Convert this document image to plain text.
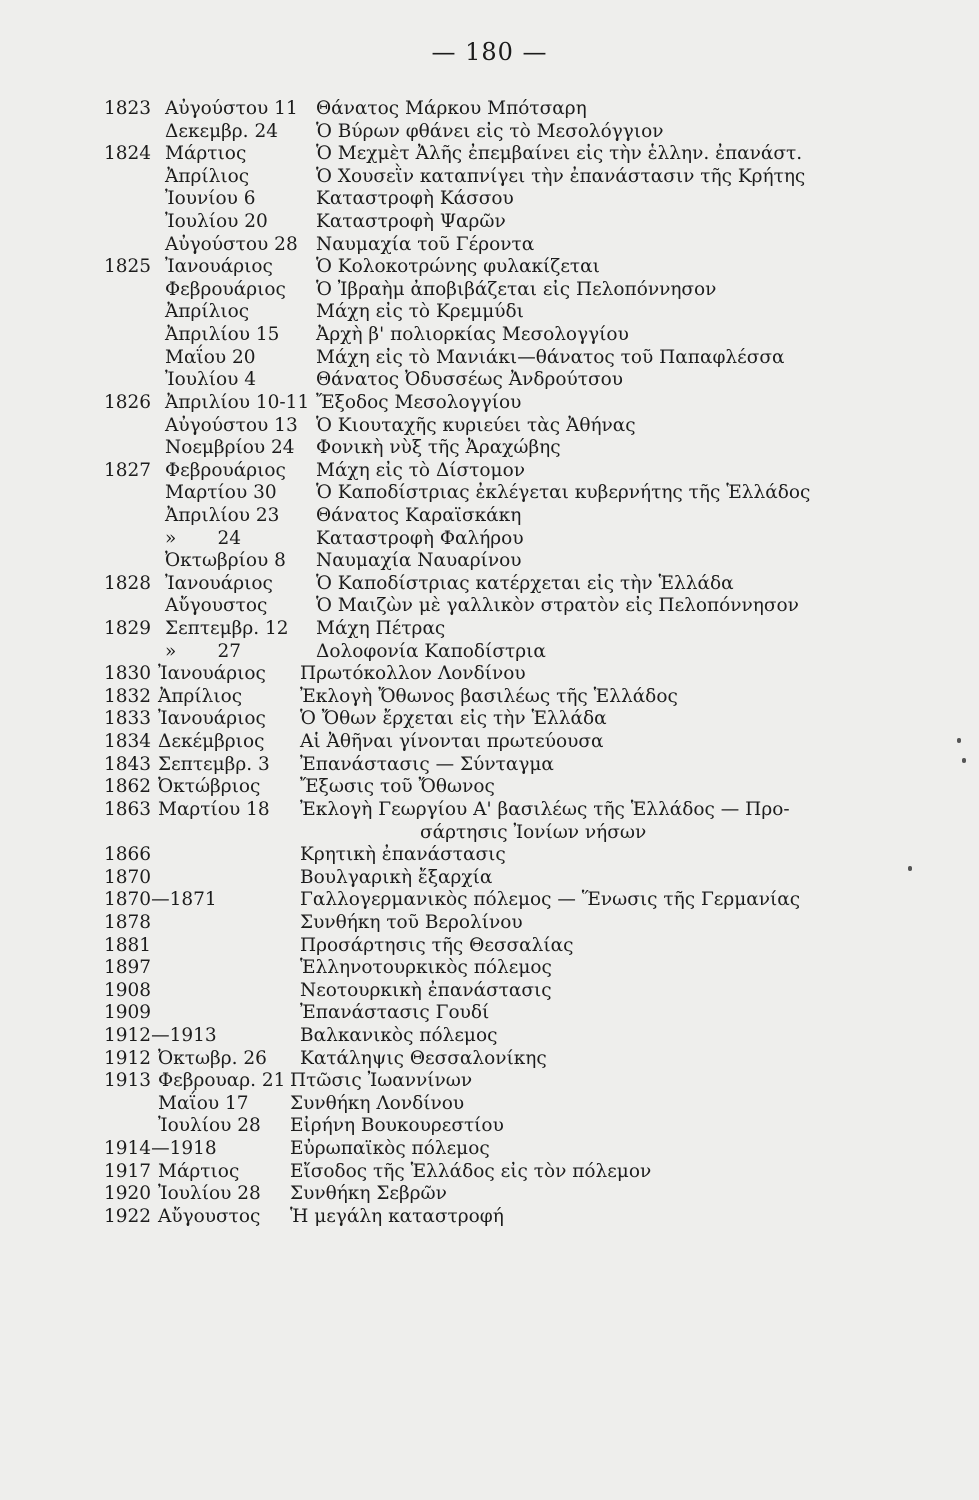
— 180 —
1823 Αὐγούστου 11 Θάνατος Μάρκου Μπότσαρη
Δεκεμβρ. 24 Ὁ Βύρων φθάνει εἰς τὸ Μεσολόγγιον
1824 Μάρτιος	Ὁ Μεχμὲτ Ἀλῆς ἐπεμβαίνει εἰς τὴν ἑλλην. ἐπανάστ.
Ἀπρίλιος	Ὁ Χουσεῒν καταπνίγει τὴν ἐπανάστασιν τῆς Κρήτης
Ἰουνίου 6	Καταστροφὴ Κάσσου
Ἰουλίου 20	Καταστροφὴ Ψαρῶν
Αὐγούστου 28 Ναυμαχία τοῦ Γέροντα
1825 Ἰανουάριος Ὁ Κολοκοτρώνης φυλακίζεται
Φεβρουάριος Ὁ Ἰβραὴμ ἀποβιβάζεται εἰς Πελοπόννησον
Ἀπρίλιος	Μάχη εἰς τὸ Κρεμμύδι
Ἀπριλίου 15 Ἀρχὴ β' πολιορκίας Μεσολογγίου
Μαΐου 20	Μάχη εἰς τὸ Μανιάκι—θάνατος τοῦ Παπαφλέσσα
Ἰουλίου 4	Θάνατος Ὀδυσσέως Ἀνδρούτσου
1826 Ἀπριλίου 10-11 Ἔξοδος Μεσολογγίου
Αὐγούστου 13 Ὁ Κιουταχῆς κυριεύει τὰς Ἀθήνας
Νοεμβρίου 24 Φονικὴ νὺξ τῆς Ἀραχώβης
1827 Φεβρουάριος Μάχη εἰς τὸ Δίστομον
Μαρτίου 30 Ὁ Καποδίστριας ἐκλέγεται κυβερνήτης τῆς Ἑλλάδος
Ἀπριλίου 23 Θάνατος Καραϊσκάκη
»       24	Καταστροφὴ Φαλήρου
Ὀκτωβρίου 8 Ναυμαχία Ναυαρίνου
1828 Ἰανουάριος Ὁ Καποδίστριας κατέρχεται εἰς τὴν Ἑλλάδα
Αὔγουστος	Ὁ Μαιζὼν μὲ γαλλικὸν στρατὸν εἰς Πελοπόννησον
1829 Σεπτεμβρ. 12 Μάχη Πέτρας
»       27	Δολοφονία Καποδίστρια
1830 Ἰανουάριος Πρωτόκολλον Λονδίνου
1832 Ἀπρίλιος	Ἐκλογὴ Ὄθωνος βασιλέως τῆς Ἑλλάδος
1833 Ἰανουάριος Ὁ Ὄθων ἔρχεται εἰς τὴν Ἑλλάδα
1834 Δεκέμβριος Αἱ Ἀθῆναι γίνονται πρωτεύουσα
1843 Σεπτεμβρ. 3 Ἐπανάστασις — Σύνταγμα
1862 Ὀκτώβριος Ἔξωσις τοῦ Ὄθωνος
1863 Μαρτίου 18 Ἐκλογὴ Γεωργίου Α' βασιλέως τῆς Ἑλλάδος — Προ-
σάρτησις Ἰονίων νήσων
1866	Κρητικὴ ἐπανάστασις
1870	Βουλγαρικὴ ἔξαρχία
1870—1871	Γαλλογερμανικὸς πόλεμος — Ἕνωσις τῆς Γερμανίας
1878	Συνθήκη τοῦ Βερολίνου
1881	Προσάρτησις τῆς Θεσσαλίας
1897	Ἑλληνοτουρκικὸς πόλεμος
1908	Νεοτουρκικὴ ἐπανάστασις
1909	Ἐπανάστασις Γουδί
1912—1913	Βαλκανικὸς πόλεμος
1912 Ὀκτωβρ. 26 Κατάληψις Θεσσαλονίκης
1913 Φεβρουαρ. 21 Πτῶσις Ἰωαννίνων
Μαΐου 17 Συνθήκη Λονδίνου
Ἰουλίου 28 Εἰρήνη Βουκουρεστίου
1914—1918	Εὐρωπαϊκὸς πόλεμος
1917 Μάρτιος	Εἴσοδος τῆς Ἑλλάδος εἰς τὸν πόλεμον
1920 Ἰουλίου 28 Συνθήκη Σεβρῶν
1922 Αὔγουστος Ἡ μεγάλη καταστροφή
